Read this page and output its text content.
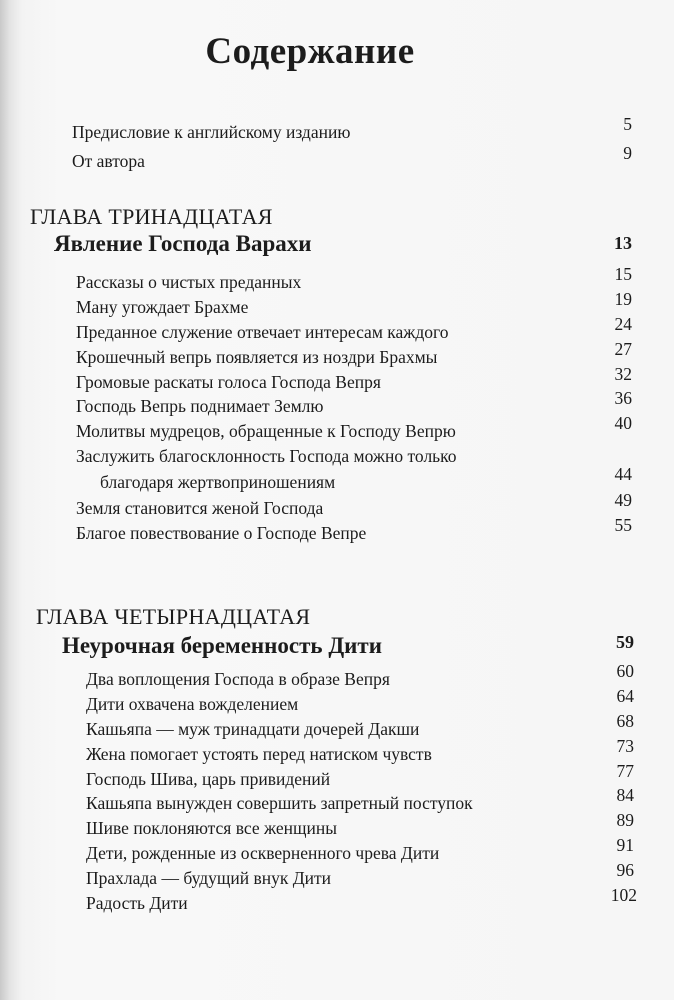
Содержание
Предисловие к английскому изданию	5
От автора	9
ГЛАВА ТРИНАДЦАТАЯ
Явление Господа Варахи	13
Рассказы о чистых преданных	15
Ману угождает Брахме	19
Преданное служение отвечает интересам каждого	24
Крошечный вепрь появляется из ноздри Брахмы	27
Громовые раскаты голоса Господа Вепря	32
Господь Вепрь поднимает Землю	36
Молитвы мудрецов, обращенные к Господу Вепрю	40
Заслужить благосклонность Господа можно только
благодаря жертвоприношениям	44
Земля становится женой Господа	49
Благое повествование о Господе Вепре	55
ГЛАВА ЧЕТЫРНАДЦАТАЯ
Неурочная беременность Дити	59
Два воплощения Господа в образе Вепря	60
Дити охвачена вожделением	64
Кашьяпа — муж тринадцати дочерей Дакши	68
Жена помогает устоять перед натиском чувств	73
Господь Шива, царь привидений	77
Кашьяпа вынужден совершить запретный поступок	84
Шиве поклоняются все женщины	89
Дети, рожденные из оскверненного чрева Дити	91
Прахлада — будущий внук Дити	96
Радость Дити	102
